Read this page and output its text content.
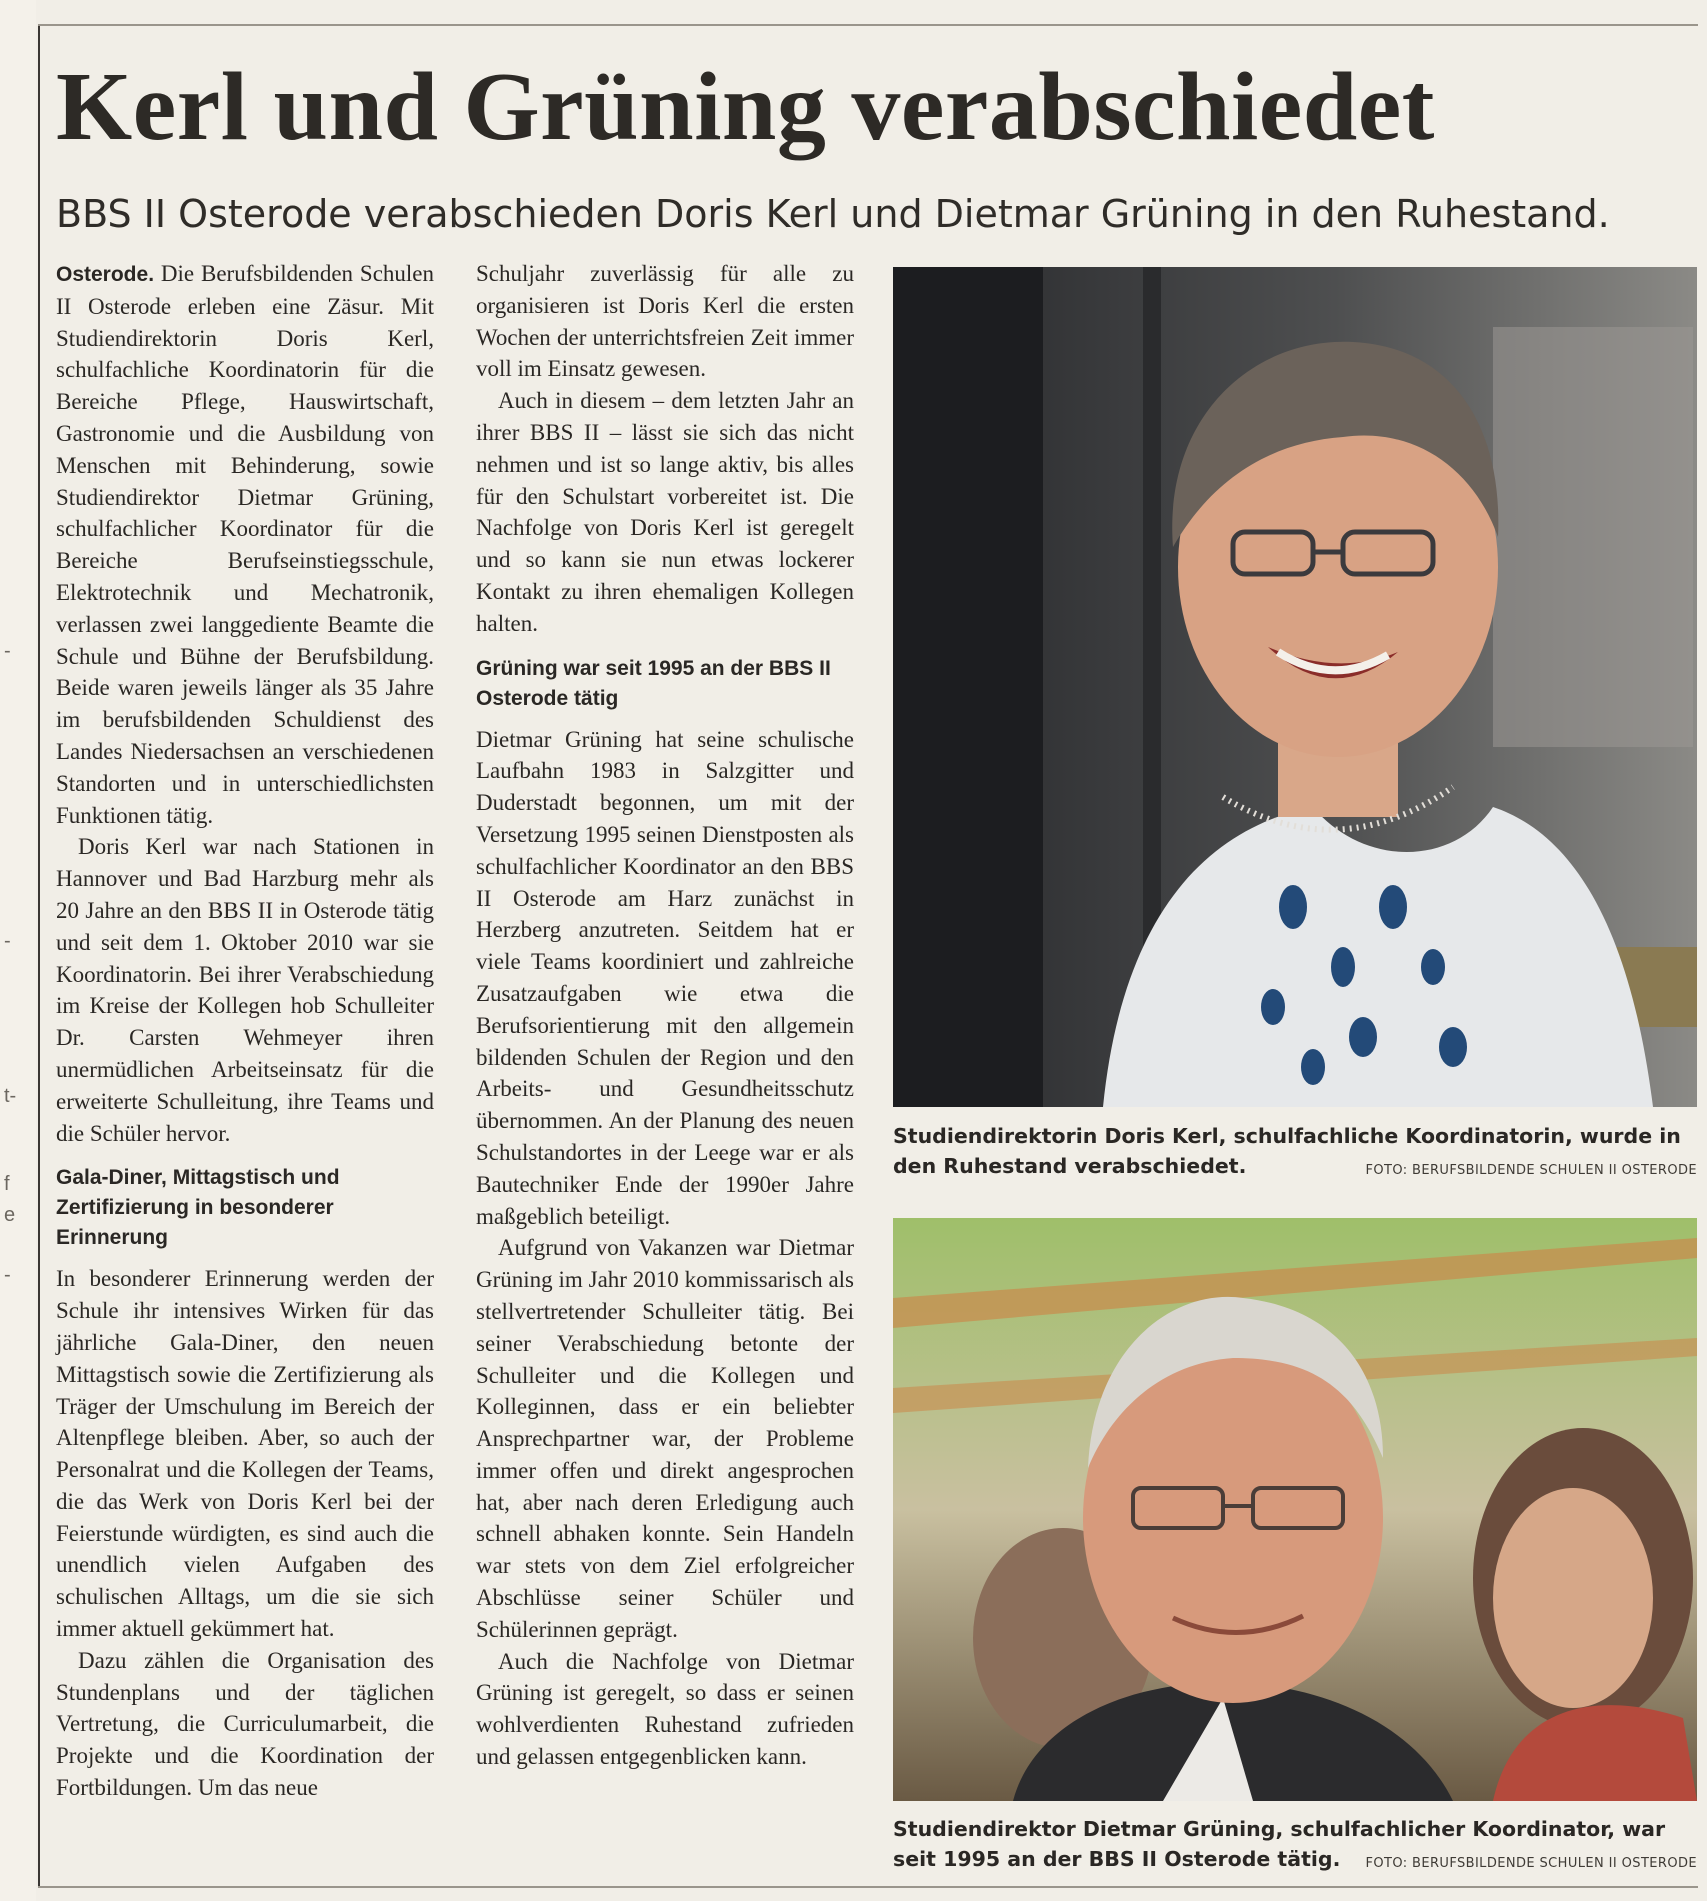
-
-
t-
f
e
-
Kerl und Grüning verabschiedet
BBS II Osterode verabschieden Doris Kerl und Dietmar Grüning in den Ruhestand.

Osterode. Die Berufsbildenden Schulen II Osterode erleben eine Zäsur. Mit Studiendirektorin Doris Kerl, schulfachliche Koordinatorin für die Bereiche Pflege, Hauswirtschaft, Gastronomie und die Ausbildung von Menschen mit Behinderung, sowie Studiendirektor Dietmar Grüning, schulfachlicher Koordinator für die Bereiche Berufseinstiegsschule, Elektrotechnik und Mechatronik, verlassen zwei langgediente Beamte die Schule und Bühne der Berufsbildung. Beide waren jeweils länger als 35 Jahre im berufsbildenden Schuldienst des Landes Niedersachsen an verschiedenen Standorten und in unterschiedlichsten Funktionen tätig.

Doris Kerl war nach Stationen in Hannover und Bad Harzburg mehr als 20 Jahre an den BBS II in Osterode tätig und seit dem 1. Oktober 2010 war sie Koordinatorin. Bei ihrer Verabschiedung im Kreise der Kollegen hob Schulleiter Dr. Carsten Wehmeyer ihren unermüdlichen Arbeitseinsatz für die erweiterte Schulleitung, ihre Teams und die Schüler hervor.

Gala-Diner, Mittagstisch und Zertifizierung in besonderer Erinnerung

In besonderer Erinnerung werden der Schule ihr intensives Wirken für das jährliche Gala-Diner, den neuen Mittagstisch sowie die Zertifizierung als Träger der Umschulung im Bereich der Altenpflege bleiben. Aber, so auch der Personalrat und die Kollegen der Teams, die das Werk von Doris Kerl bei der Feierstunde würdigten, es sind auch die unendlich vielen Aufgaben des schulischen Alltags, um die sie sich immer aktuell gekümmert hat.

Dazu zählen die Organisation des Stundenplans und der täglichen Vertretung, die Curriculumarbeit, die Projekte und die Koordination der Fortbildungen. Um das neue

Schuljahr zuverlässig für alle zu organisieren ist Doris Kerl die ersten Wochen der unterrichtsfreien Zeit immer voll im Einsatz gewesen.

Auch in diesem – dem letzten Jahr an ihrer BBS II – lässt sie sich das nicht nehmen und ist so lange aktiv, bis alles für den Schulstart vorbereitet ist. Die Nachfolge von Doris Kerl ist geregelt und so kann sie nun etwas lockerer Kontakt zu ihren ehemaligen Kollegen halten.

Grüning war seit 1995 an der BBS II Osterode tätig

Dietmar Grüning hat seine schulische Laufbahn 1983 in Salzgitter und Duderstadt begonnen, um mit der Versetzung 1995 seinen Dienstposten als schulfachlicher Koordinator an den BBS II Osterode am Harz zunächst in Herzberg anzutreten. Seitdem hat er viele Teams koordiniert und zahlreiche Zusatzaufgaben wie etwa die Berufsorientierung mit den allgemein bildenden Schulen der Region und den Arbeits- und Gesundheitsschutz übernommen. An der Planung des neuen Schulstandortes in der Leege war er als Bautechniker Ende der 1990er Jahre maßgeblich beteiligt.

Aufgrund von Vakanzen war Dietmar Grüning im Jahr 2010 kommissarisch als stellvertretender Schulleiter tätig. Bei seiner Verabschiedung betonte der Schulleiter und die Kollegen und Kolleginnen, dass er ein beliebter Ansprechpartner war, der Probleme immer offen und direkt angesprochen hat, aber nach deren Erledigung auch schnell abhaken konnte. Sein Handeln war stets von dem Ziel erfolgreicher Abschlüsse seiner Schüler und Schülerinnen geprägt.

Auch die Nachfolge von Dietmar Grüning ist geregelt, so dass er seinen wohlverdienten Ruhestand zufrieden und gelassen entgegenblicken kann.

Studiendirektorin Doris Kerl, schulfachliche Koordinatorin, wurde in den Ruhestand verabschiedet.	FOTO: BERUFSBILDENDE SCHULEN II OSTERODE

Studiendirektor Dietmar Grüning, schulfachlicher Koordinator, war seit 1995 an der BBS II Osterode tätig.	FOTO: BERUFSBILDENDE SCHULEN II OSTERODE
